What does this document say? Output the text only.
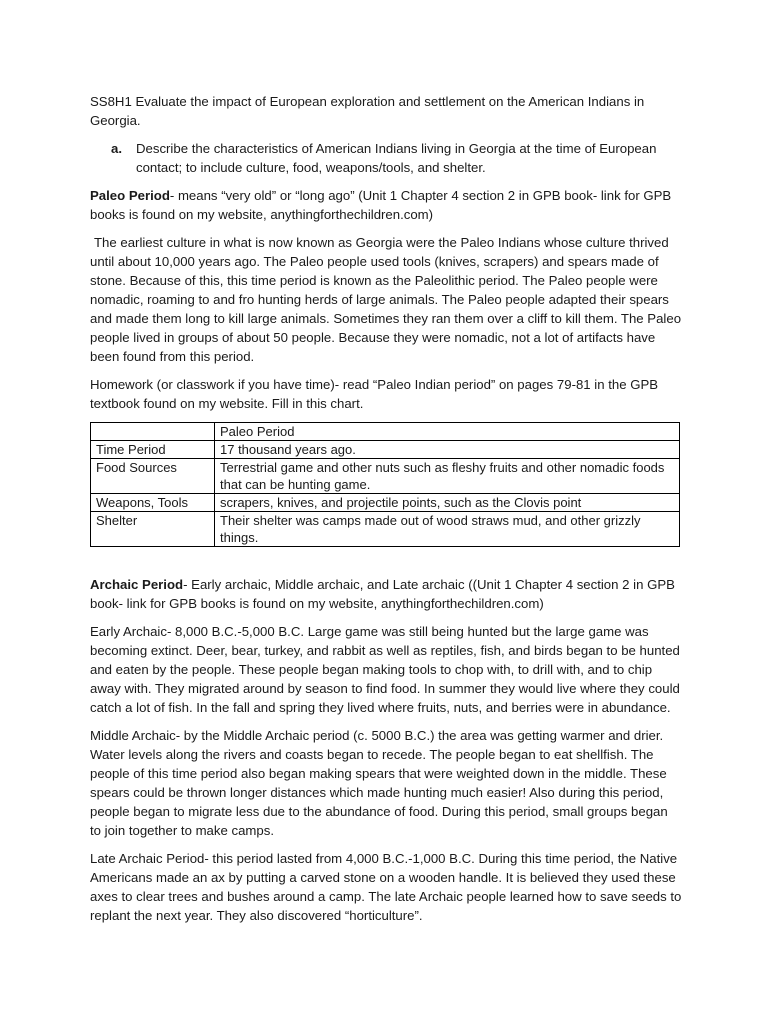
SS8H1 Evaluate the impact of European exploration and settlement on the American Indians in Georgia.

a.	Describe the characteristics of American Indians living in Georgia at the time of European contact; to include culture, food, weapons/tools, and shelter.

Paleo Period- means “very old” or “long ago” (Unit 1 Chapter 4 section 2 in GPB book- link for GPB books is found on my website, anythingforthechildren.com)

The earliest culture in what is now known as Georgia were the Paleo Indians whose culture thrived until about 10,000 years ago. The Paleo people used tools (knives, scrapers) and spears made of stone. Because of this, this time period is known as the Paleolithic period. The Paleo people were nomadic, roaming to and fro hunting herds of large animals. The Paleo people adapted their spears and made them long to kill large animals. Sometimes they ran them over a cliff to kill them. The Paleo people lived in groups of about 50 people. Because they were nomadic, not a lot of artifacts have been found from this period.

Homework (or classwork if you have time)- read “Paleo Indian period” on pages 79-81 in the GPB textbook found on my website. Fill in this chart.

	Paleo Period
Time Period	17 thousand years ago.
Food Sources	Terrestrial game and other nuts such as fleshy fruits and other nomadic foods that can be hunting game.
Weapons, Tools	scrapers, knives, and projectile points, such as the Clovis point
Shelter	Their shelter was camps made out of wood straws mud, and other grizzly things.

Archaic Period- Early archaic, Middle archaic, and Late archaic ((Unit 1 Chapter 4 section 2 in GPB book- link for GPB books is found on my website, anythingforthechildren.com)

Early Archaic- 8,000 B.C.-5,000 B.C. Large game was still being hunted but the large game was becoming extinct. Deer, bear, turkey, and rabbit as well as reptiles, fish, and birds began to be hunted and eaten by the people. These people began making tools to chop with, to drill with, and to chip away with. They migrated around by season to find food. In summer they would live where they could catch a lot of fish. In the fall and spring they lived where fruits, nuts, and berries were in abundance.

Middle Archaic- by the Middle Archaic period (c. 5000 B.C.) the area was getting warmer and drier. Water levels along the rivers and coasts began to recede. The people began to eat shellfish. The people of this time period also began making spears that were weighted down in the middle. These spears could be thrown longer distances which made hunting much easier! Also during this period, people began to migrate less due to the abundance of food. During this period, small groups began to join together to make camps.

Late Archaic Period- this period lasted from 4,000 B.C.-1,000 B.C. During this time period, the Native Americans made an ax by putting a carved stone on a wooden handle. It is believed they used these axes to clear trees and bushes around a camp. The late Archaic people learned how to save seeds to replant the next year. They also discovered “horticulture”.
